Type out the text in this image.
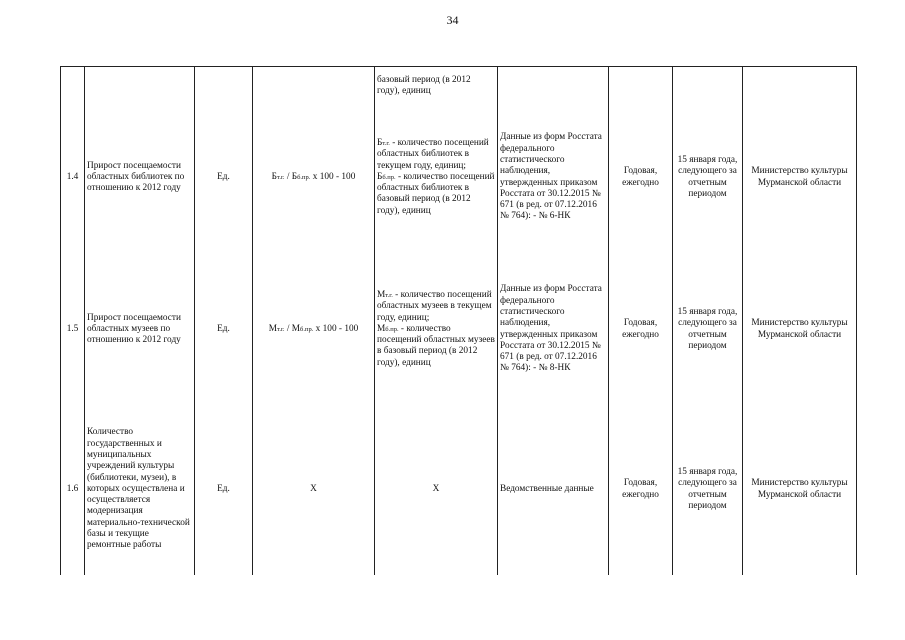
34
				базовый период (в 2012 году), единиц				
1.4	Прирост посещаемости областных библиотек по отношению к 2012 году	Ед.	Бт.г. / Бб.пр. x 100 - 100	Бт.г. - количество посещений областных библиотек в текущем году, единиц;
Бб.пр. - количество посещений областных библиотек в базовый период (в 2012 году), единиц	Данные из форм Росстата федерального статистического наблюдения, утвержденных приказом Росстата от 30.12.2015 № 671 (в ред. от 07.12.2016 № 764): - № 6-НК	Годовая, ежегодно	15 января года, следующего за отчетным периодом	Министерство культуры Мурманской области
1.5	Прирост посещаемости областных музеев по отношению к 2012 году	Ед.	Мт.г. / Мб.пр. x 100 - 100	Мт.г. - количество посещений областных музеев в текущем году, единиц;
Мб.пр. - количество посещений областных музеев в базовый период (в 2012 году), единиц	Данные из форм Росстата федерального статистического наблюдения, утвержденных приказом Росстата от 30.12.2015 № 671 (в ред. от 07.12.2016 № 764): - № 8-НК	Годовая, ежегодно	15 января года, следующего за отчетным периодом	Министерство культуры Мурманской области
1.6	Количество государственных и муниципальных учреждений культуры (библиотеки, музеи), в которых осуществлена и осуществляется модернизация материально-технической базы и текущие ремонтные работы	Ед.	Х	Х	Ведомственные данные	Годовая, ежегодно	15 января года, следующего за отчетным периодом	Министерство культуры Мурманской области
